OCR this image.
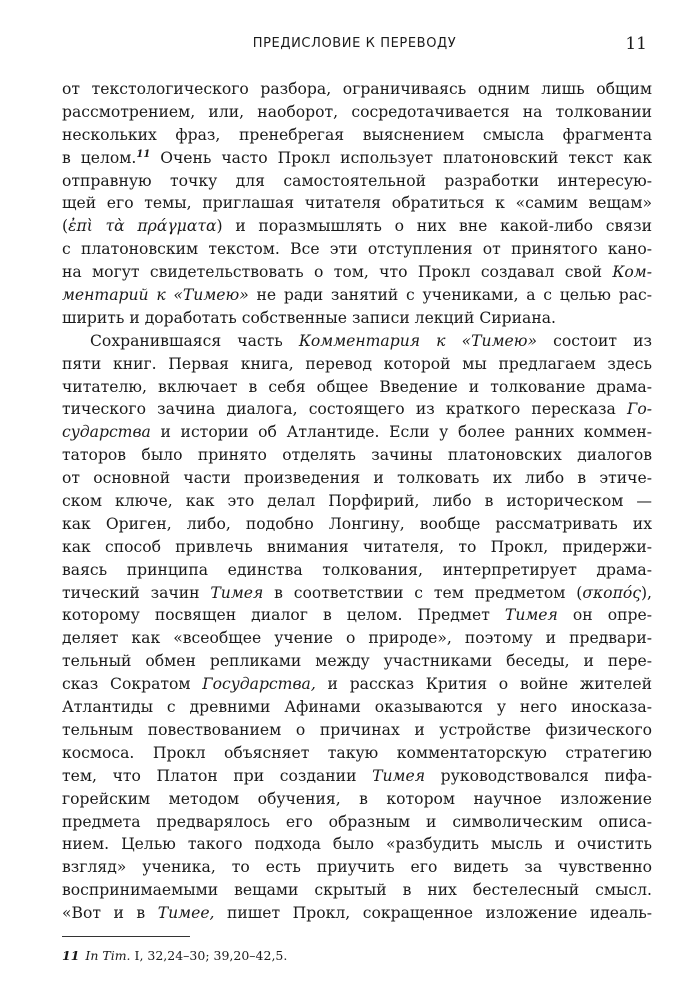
ПРЕДИСЛОВИЕ К ПЕРЕВОДУ	11
от текстологического разбора, ограничиваясь одним лишь общим
рассмотрением, или, наоборот, сосредотачивается на толковании
нескольких фраз, пренебрегая выяснением смысла фрагмента
в целом.$^{11}$ Очень часто Прокл использует платоновский текст как
отправную точку для самостоятельной разработки интересую-
щей его темы, приглашая читателя обратиться к «самим вещам»
(ἐπὶ τὰ πράγματα) и поразмышлять о них вне какой-либо связи
с платоновским текстом. Все эти отступления от принятого кано-
на могут свидетельствовать о том, что Прокл создавал свой Ком-
ментарий к «Тимею» не ради занятий с учениками, а с целью рас-
ширить и доработать собственные записи лекций Сириана.
Сохранившаяся часть Комментария к «Тимею» состоит из
пяти книг. Первая книга, перевод которой мы предлагаем здесь
читателю, включает в себя общее Введение и толкование драма-
тического зачина диалога, состоящего из краткого пересказа Го-
сударства и истории об Атлантиде. Если у более ранних коммен-
таторов было принято отделять зачины платоновских диалогов
от основной части произведения и толковать их либо в этиче-
ском ключе, как это делал Порфирий, либо в историческом —
как Ориген, либо, подобно Лонгину, вообще рассматривать их
как способ привлечь внимания читателя, то Прокл, придержи-
ваясь принципа единства толкования, интерпретирует драма-
тический зачин Тимея в соответствии с тем предметом (σκοπός),
которому посвящен диалог в целом. Предмет Тимея он опре-
деляет как «всеобщее учение о природе», поэтому и предвари-
тельный обмен репликами между участниками беседы, и пере-
сказ Сократом Государства, и рассказ Крития о войне жителей
Атлантиды с древними Афинами оказываются у него иносказа-
тельным повествованием о причинах и устройстве физического
космоса. Прокл объясняет такую комментаторскую стратегию
тем, что Платон при создании Тимея руководствовался пифа-
горейским методом обучения, в котором научное изложение
предмета предварялось его образным и символическим описа-
нием. Целью такого подхода было «разбудить мысль и очистить
взгляд» ученика, то есть приучить его видеть за чувственно
воспринимаемыми вещами скрытый в них бестелесный смысл.
«Вот и в Тимее, пишет Прокл, сокращенное изложение идеаль-
11 In Tim. I, 32,24–30; 39,20–42,5.
